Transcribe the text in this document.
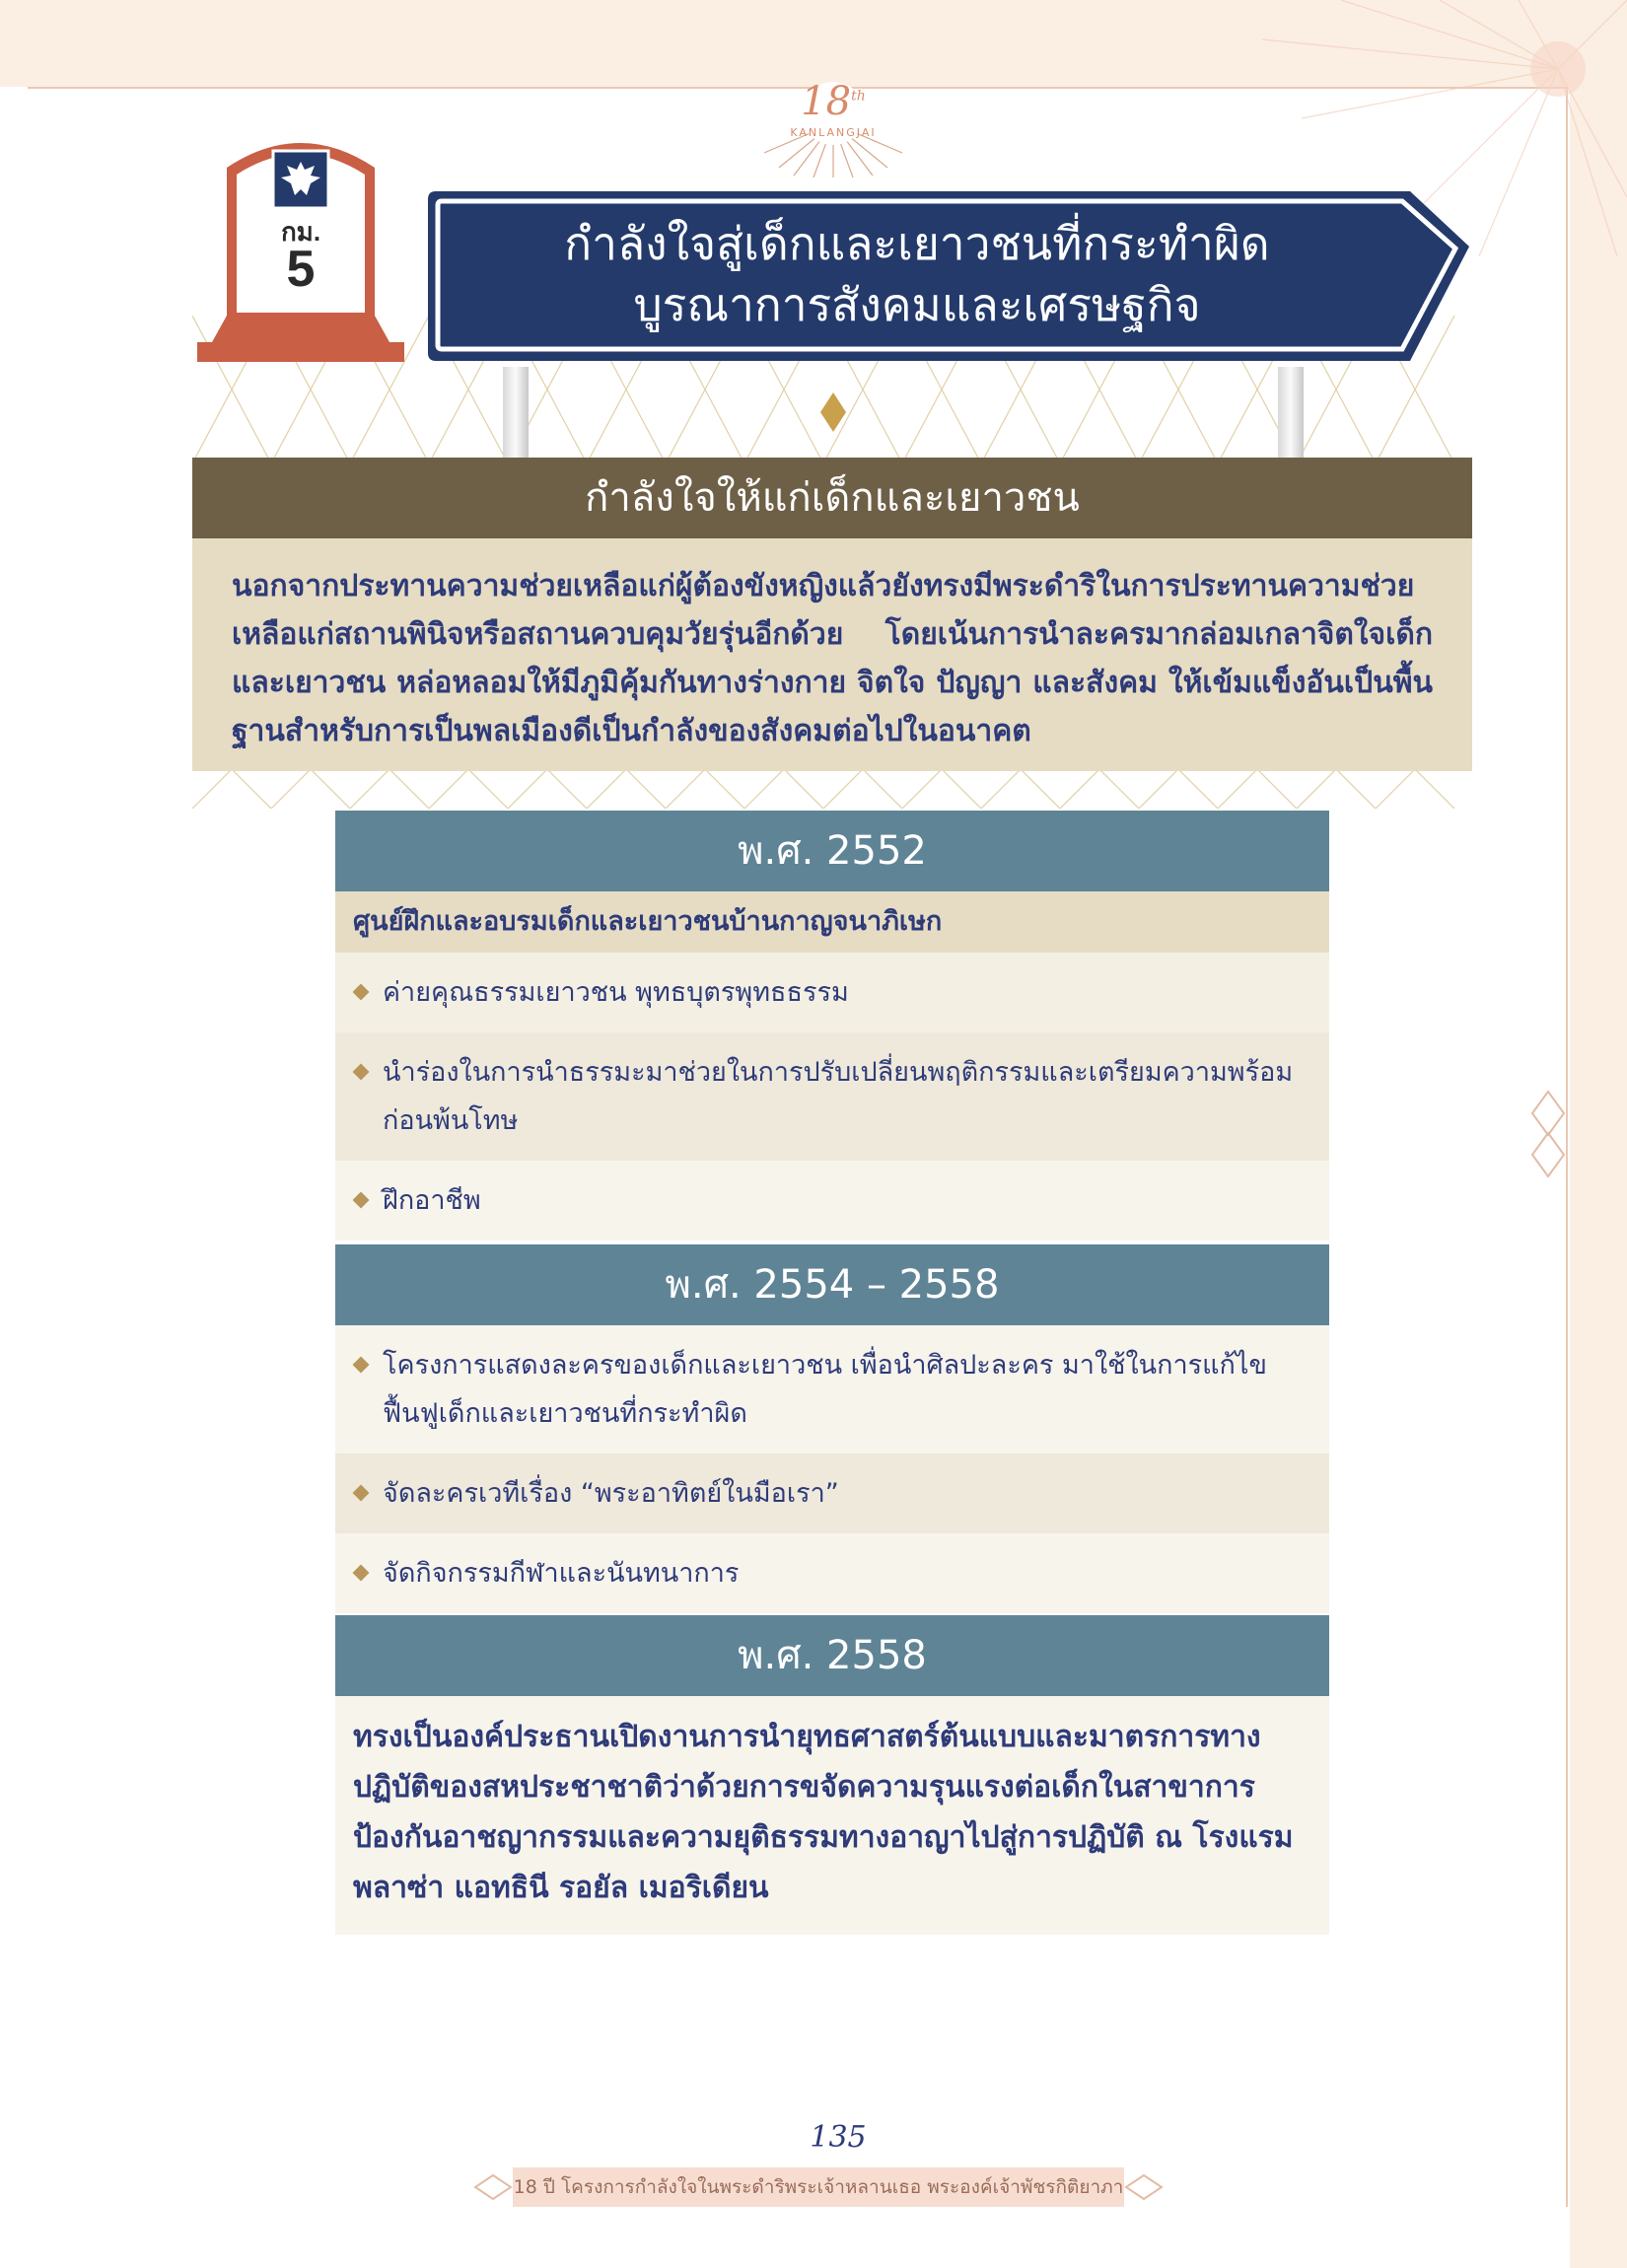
18th
KANLANGJAI
กม.
5	กำลังใจสู่เด็กและเยาวชนที่กระทำผิด
บูรณาการสังคมและเศรษฐกิจ
กำลังใจให้แก่เด็กและเยาวชน
นอกจากประทานความช่วยเหลือแก่ผู้ต้องขังหญิงแล้วยังทรงมีพระดำริในการประทานความช่วยเหลือแก่สถานพินิจหรือสถานควบคุมวัยรุ่นอีกด้วย โดยเน้นการนำละครมากล่อมเกลาจิตใจเด็กและเยาวชน หล่อหลอมให้มีภูมิคุ้มกันทางร่างกาย จิตใจ ปัญญา และสังคม ให้เข้มแข็งอันเป็นพื้นฐานสำหรับการเป็นพลเมืองดีเป็นกำลังของสังคมต่อไปในอนาคต
พ.ศ. 2552
ศูนย์ฝึกและอบรมเด็กและเยาวชนบ้านกาญจนาภิเษก
ค่ายคุณธรรมเยาวชน พุทธบุตรพุทธธรรม
นำร่องในการนำธรรมะมาช่วยในการปรับเปลี่ยนพฤติกรรมและเตรียมความพร้อมก่อนพ้นโทษ
ฝึกอาชีพ
พ.ศ. 2554 – 2558
โครงการแสดงละครของเด็กและเยาวชน เพื่อนำศิลปะละคร มาใช้ในการแก้ไขฟื้นฟูเด็กและเยาวชนที่กระทำผิด
จัดละครเวทีเรื่อง “พระอาทิตย์ในมือเรา”
จัดกิจกรรมกีฬาและนันทนาการ
พ.ศ. 2558
ทรงเป็นองค์ประธานเปิดงานการนำยุทธศาสตร์ต้นแบบและมาตรการทางปฏิบัติของสหประชาชาติว่าด้วยการขจัดความรุนแรงต่อเด็กในสาขาการป้องกันอาชญากรรมและความยุติธรรมทางอาญาไปสู่การปฏิบัติ ณ โรงแรมพลาซ่า แอทธินี รอยัล เมอริเดียน
135
18 ปี โครงการกำลังใจในพระดำริพระเจ้าหลานเธอ พระองค์เจ้าพัชรกิติยาภา
